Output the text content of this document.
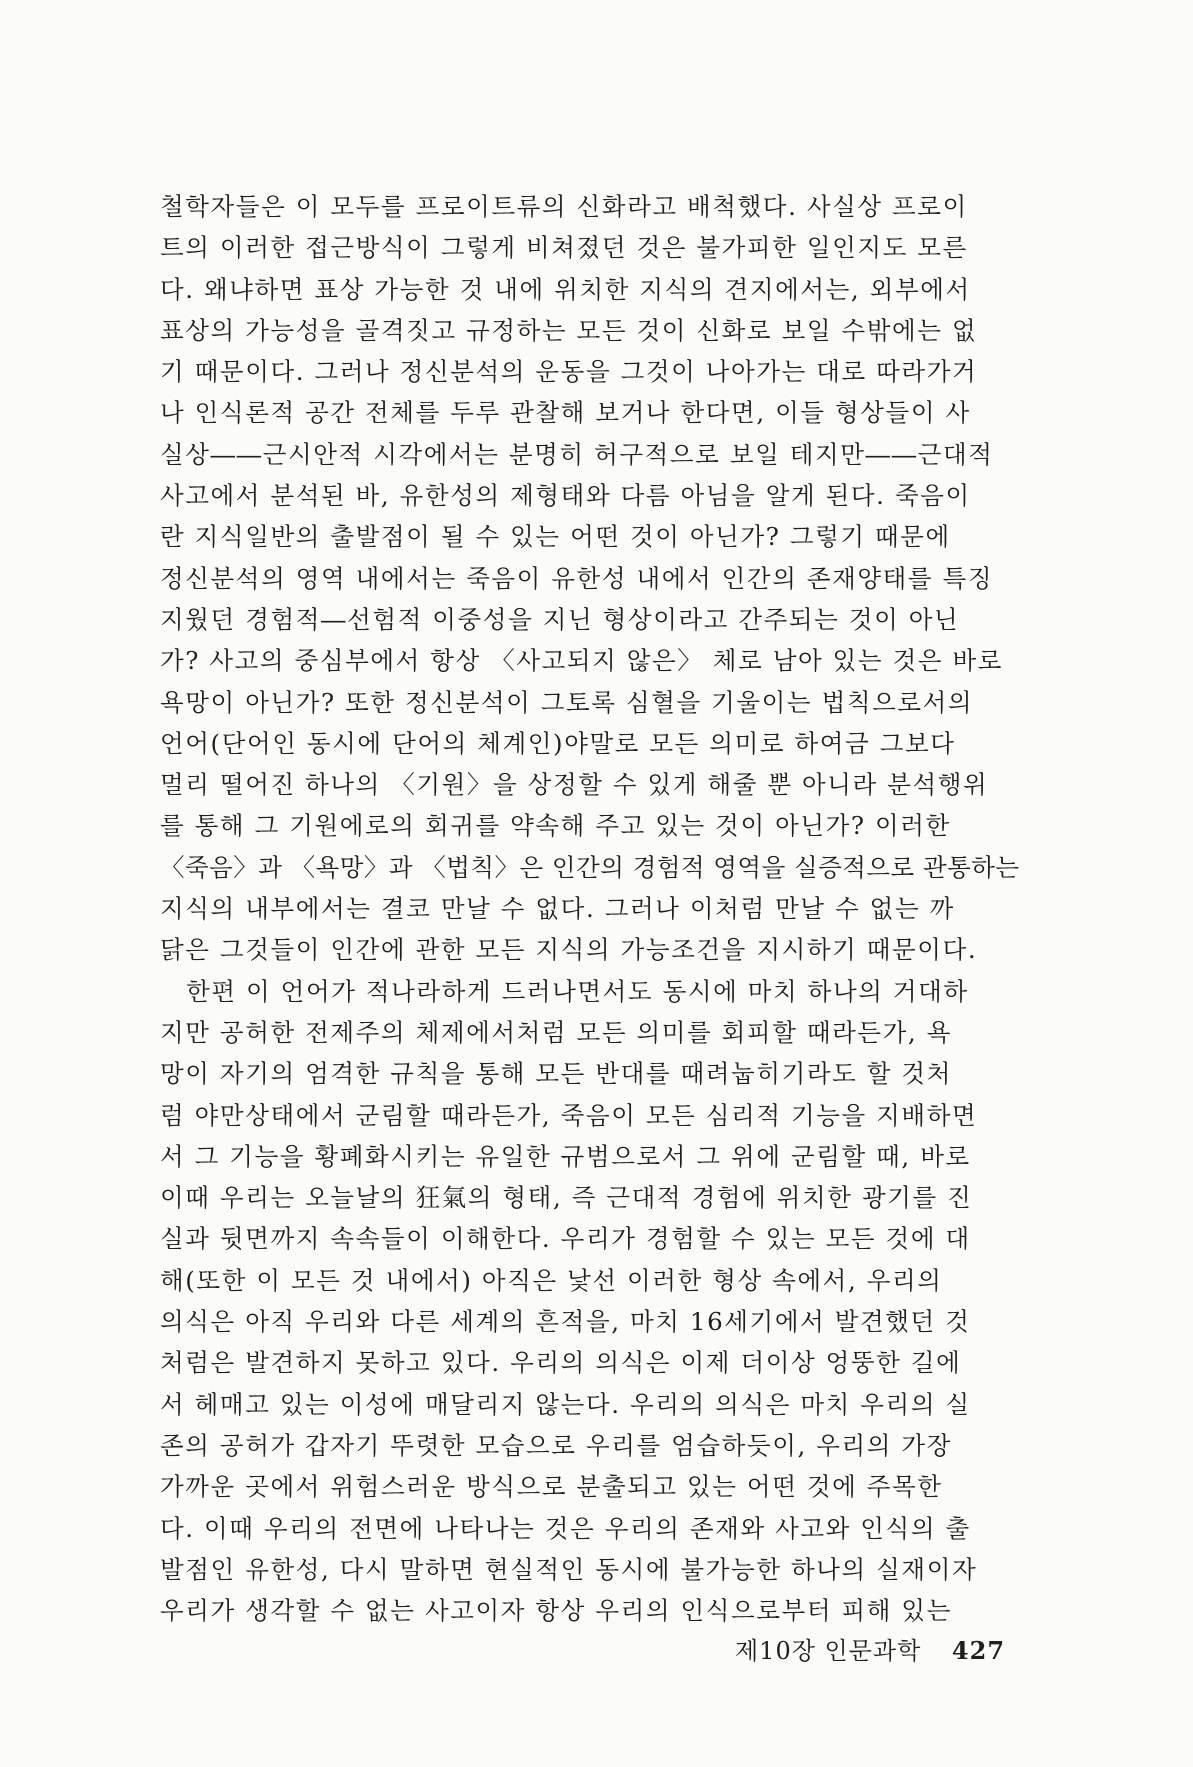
철학자들은 이 모두를 프로이트류의 신화라고 배척했다. 사실상 프로이
트의 이러한 접근방식이 그렇게 비쳐졌던 것은 불가피한 일인지도 모른
다. 왜냐하면 표상 가능한 것 내에 위치한 지식의 견지에서는, 외부에서
표상의 가능성을 골격짓고 규정하는 모든 것이 신화로 보일 수밖에는 없
기 때문이다. 그러나 정신분석의 운동을 그것이 나아가는 대로 따라가거
나 인식론적 공간 전체를 두루 관찰해 보거나 한다면, 이들 형상들이 사
실상――근시안적 시각에서는 분명히 허구적으로 보일 테지만――근대적
사고에서 분석된 바, 유한성의 제형태와 다름 아님을 알게 된다. 죽음이
란 지식일반의 출발점이 될 수 있는 어떤 것이 아닌가? 그렇기 때문에
정신분석의 영역 내에서는 죽음이 유한성 내에서 인간의 존재양태를 특징
지웠던 경험적―선험적 이중성을 지닌 형상이라고 간주되는 것이 아닌
가? 사고의 중심부에서 항상 〈사고되지 않은〉 체로 남아 있는 것은 바로
욕망이 아닌가? 또한 정신분석이 그토록 심혈을 기울이는 법칙으로서의
언어(단어인 동시에 단어의 체계인)야말로 모든 의미로 하여금 그보다
멀리 떨어진 하나의 〈기원〉을 상정할 수 있게 해줄 뿐 아니라 분석행위
를 통해 그 기원에로의 회귀를 약속해 주고 있는 것이 아닌가? 이러한
〈죽음〉과 〈욕망〉과 〈법칙〉은 인간의 경험적 영역을 실증적으로 관통하는
지식의 내부에서는 결코 만날 수 없다. 그러나 이처럼 만날 수 없는 까
닭은 그것들이 인간에 관한 모든 지식의 가능조건을 지시하기 때문이다.
　한편 이 언어가 적나라하게 드러나면서도 동시에 마치 하나의 거대하
지만 공허한 전제주의 체제에서처럼 모든 의미를 회피할 때라든가, 욕
망이 자기의 엄격한 규칙을 통해 모든 반대를 때려눕히기라도 할 것처
럼 야만상태에서 군림할 때라든가, 죽음이 모든 심리적 기능을 지배하면
서 그 기능을 황폐화시키는 유일한 규범으로서 그 위에 군림할 때, 바로
이때 우리는 오늘날의 狂氣의 형태, 즉 근대적 경험에 위치한 광기를 진
실과 뒷면까지 속속들이 이해한다. 우리가 경험할 수 있는 모든 것에 대
해(또한 이 모든 것 내에서) 아직은 낯선 이러한 형상 속에서, 우리의
의식은 아직 우리와 다른 세계의 흔적을, 마치 16세기에서 발견했던 것
처럼은 발견하지 못하고 있다. 우리의 의식은 이제 더이상 엉뚱한 길에
서 헤매고 있는 이성에 매달리지 않는다. 우리의 의식은 마치 우리의 실
존의 공허가 갑자기 뚜렷한 모습으로 우리를 엄습하듯이, 우리의 가장
가까운 곳에서 위험스러운 방식으로 분출되고 있는 어떤 것에 주목한
다. 이때 우리의 전면에 나타나는 것은 우리의 존재와 사고와 인식의 출
발점인 유한성, 다시 말하면 현실적인 동시에 불가능한 하나의 실재이자
우리가 생각할 수 없는 사고이자 항상 우리의 인식으로부터 피해 있는
제10장 인문과학 427
